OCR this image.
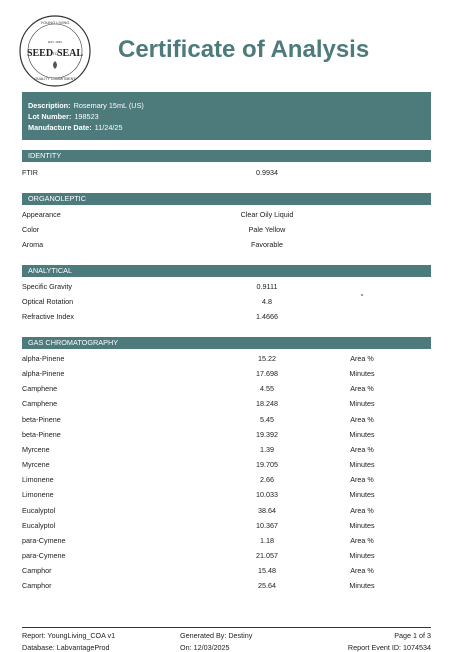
YOUNG LIVING
SEED TO SEAL
EST. 1994
QUALITY COMMITMENT
Certificate of Analysis
Description: Rosemary 15mL (US)
Lot Number: 198523
Manufacture Date: 11/24/25
IDENTITY
FTIR	0.9934
ORGANOLEPTIC
Appearance	Clear Oily Liquid
Color	Pale Yellow
Aroma	Favorable
ANALYTICAL
Specific Gravity	0.9111
Optical Rotation	4.8
°
Refractive Index	1.4666
GAS CHROMATOGRAPHY
alpha-Pinene	15.22	Area %
alpha-Pinene	17.698	Minutes
Camphene	4.55	Area %
Camphene	18.248	Minutes
beta-Pinene	5.45	Area %
beta-Pinene	19.392	Minutes
Myrcene	1.39	Area %
Myrcene	19.705	Minutes
Limonene	2.66	Area %
Limonene	10.033	Minutes
Eucalyptol	38.64	Area %
Eucalyptol	10.367	Minutes
para-Cymene	1.18	Area %
para-Cymene	21.057	Minutes
Camphor	15.48	Area %
Camphor	25.64	Minutes
Report: YoungLiving_COA v1
Database: LabvantageProd
Generated By: Destiny
On: 12/03/2025
Page 1 of 3
Report Event ID: 1074534
